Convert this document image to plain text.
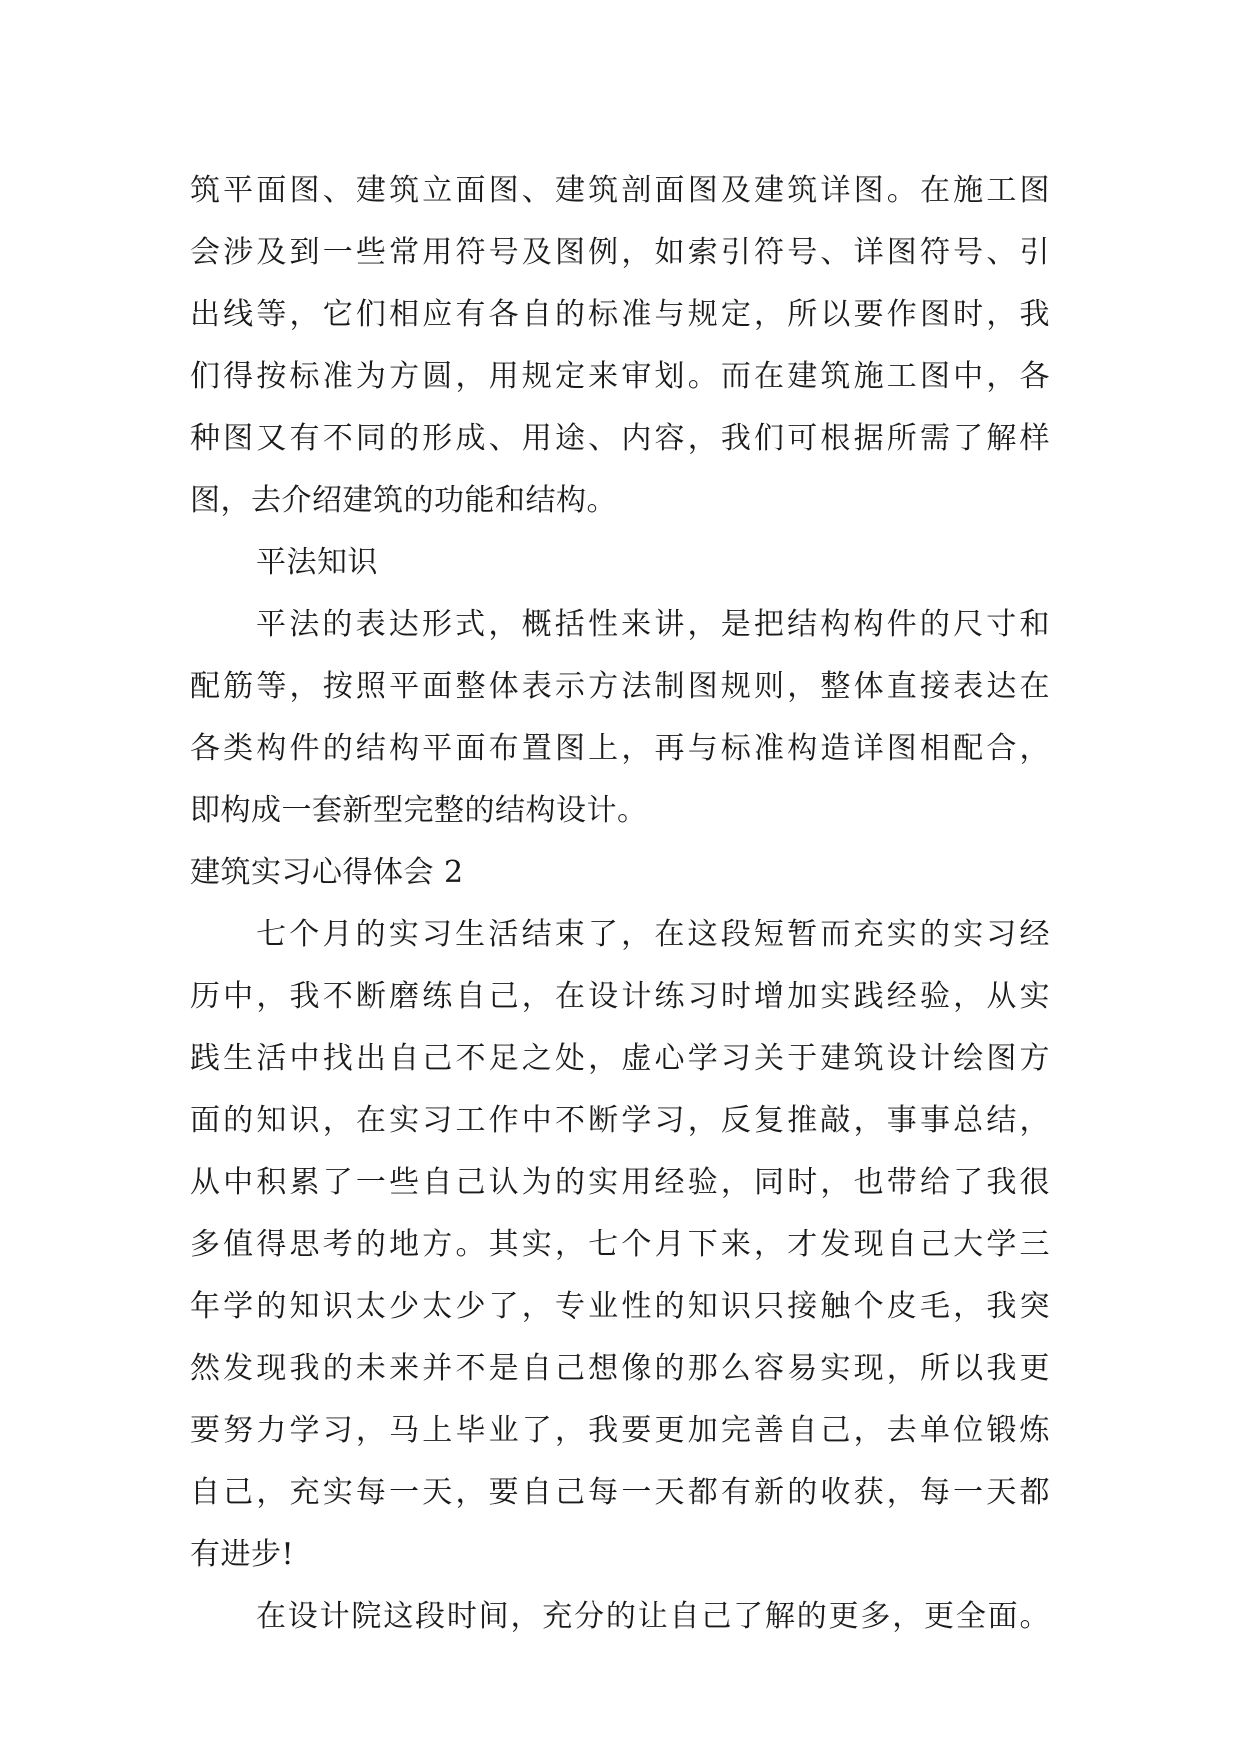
筑平面图、建筑立面图、建筑剖面图及建筑详图。在施工图
会涉及到一些常用符号及图例，如索引符号、详图符号、引
出线等，它们相应有各自的标准与规定，所以要作图时，我
们得按标准为方圆，用规定来审划。而在建筑施工图中，各
种图又有不同的形成、用途、内容，我们可根据所需了解样
图，去介绍建筑的功能和结构。
平法知识
平法的表达形式，概括性来讲，是把结构构件的尺寸和
配筋等，按照平面整体表示方法制图规则，整体直接表达在
各类构件的结构平面布置图上，再与标准构造详图相配合，
即构成一套新型完整的结构设计。
建筑实习心得体会 2
七个月的实习生活结束了，在这段短暂而充实的实习经
历中，我不断磨练自己，在设计练习时增加实践经验，从实
践生活中找出自己不足之处，虚心学习关于建筑设计绘图方
面的知识，在实习工作中不断学习，反复推敲，事事总结，
从中积累了一些自己认为的实用经验，同时，也带给了我很
多值得思考的地方。其实，七个月下来，才发现自己大学三
年学的知识太少太少了，专业性的知识只接触个皮毛，我突
然发现我的未来并不是自己想像的那么容易实现，所以我更
要努力学习，马上毕业了，我要更加完善自己，去单位锻炼
自己，充实每一天，要自己每一天都有新的收获，每一天都
有进步!
在设计院这段时间，充分的让自己了解的更多，更全面。
